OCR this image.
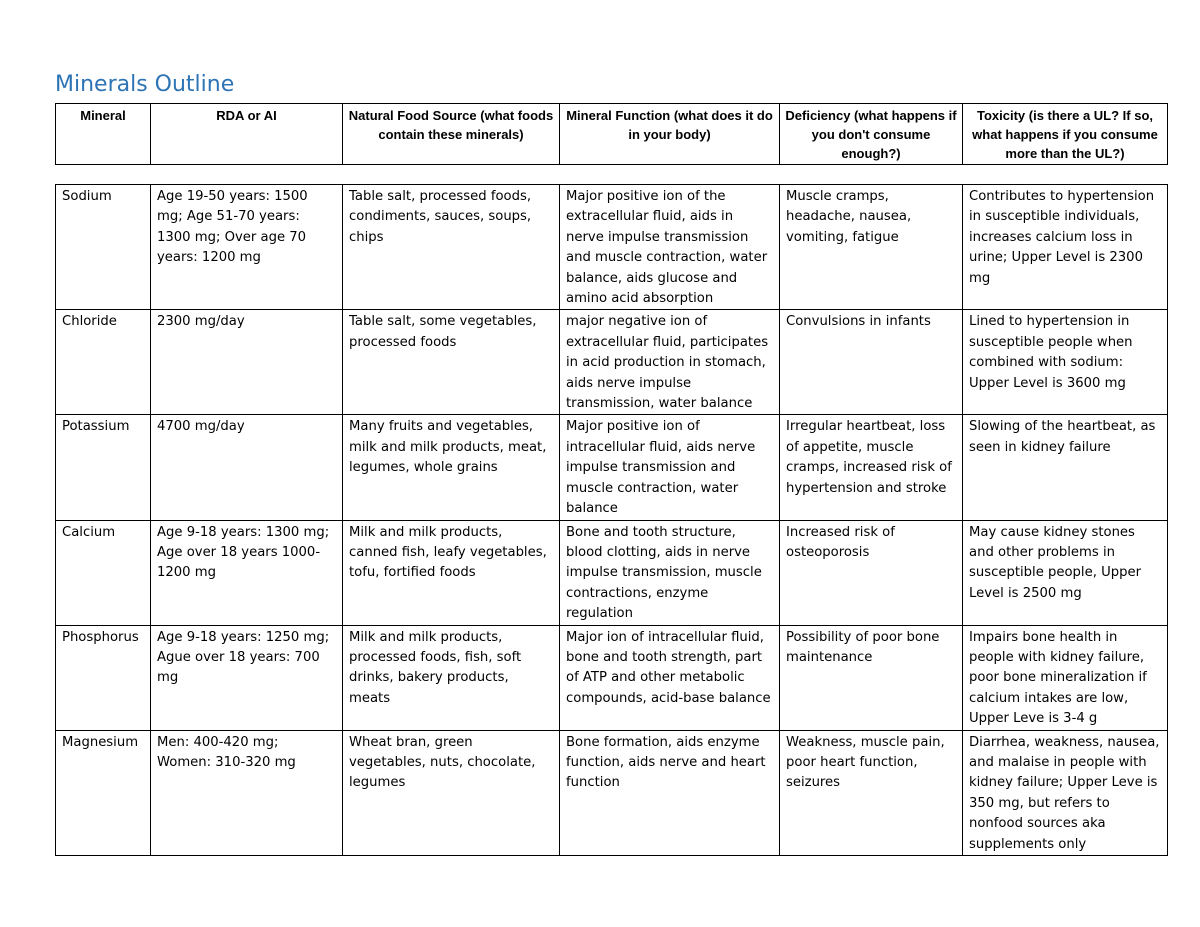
Minerals Outline
Mineral	RDA or AI	Natural Food Source (what foods contain these minerals)	Mineral Function (what does it do in your body)	Deficiency (what happens if you don't consume enough?)	Toxicity (is there a UL? If so, what happens if you consume more than the UL?)
Sodium	Age 19-50 years: 1500 mg; Age 51-70 years: 1300 mg; Over age 70 years: 1200 mg	Table salt, processed foods, condiments, sauces, soups, chips	Major positive ion of the extracellular fluid, aids in nerve impulse transmission and muscle contraction, water balance, aids glucose and amino acid absorption	Muscle cramps, headache, nausea, vomiting, fatigue	Contributes to hypertension in susceptible individuals, increases calcium loss in urine; Upper Level is 2300 mg
Chloride	2300 mg/day	Table salt, some vegetables, processed foods	major negative ion of extracellular fluid, participates in acid production in stomach, aids nerve impulse transmission, water balance	Convulsions in infants	Lined to hypertension in susceptible people when combined with sodium: Upper Level is 3600 mg
Potassium	4700 mg/day	Many fruits and vegetables, milk and milk products, meat, legumes, whole grains	Major positive ion of intracellular fluid, aids nerve impulse transmission and muscle contraction, water balance	Irregular heartbeat, loss of appetite, muscle cramps, increased risk of hypertension and stroke	Slowing of the heartbeat, as seen in kidney failure
Calcium	Age 9-18 years: 1300 mg; Age over 18 years 1000-1200 mg	Milk and milk products, canned fish, leafy vegetables, tofu, fortified foods	Bone and tooth structure, blood clotting, aids in nerve impulse transmission, muscle contractions, enzyme regulation	Increased risk of osteoporosis	May cause kidney stones and other problems in susceptible people, Upper Level is 2500 mg
Phosphorus	Age 9-18 years: 1250 mg; Ague over 18 years: 700 mg	Milk and milk products, processed foods, fish, soft drinks, bakery products, meats	Major ion of intracellular fluid, bone and tooth strength, part of ATP and other metabolic compounds, acid-base balance	Possibility of poor bone maintenance	Impairs bone health in people with kidney failure, poor bone mineralization if calcium intakes are low, Upper Leve is 3-4 g
Magnesium	Men: 400-420 mg; Women: 310-320 mg	Wheat bran, green vegetables, nuts, chocolate, legumes	Bone formation, aids enzyme function, aids nerve and heart function	Weakness, muscle pain, poor heart function, seizures	Diarrhea, weakness, nausea, and malaise in people with kidney failure; Upper Leve is 350 mg, but refers to nonfood sources aka supplements only
